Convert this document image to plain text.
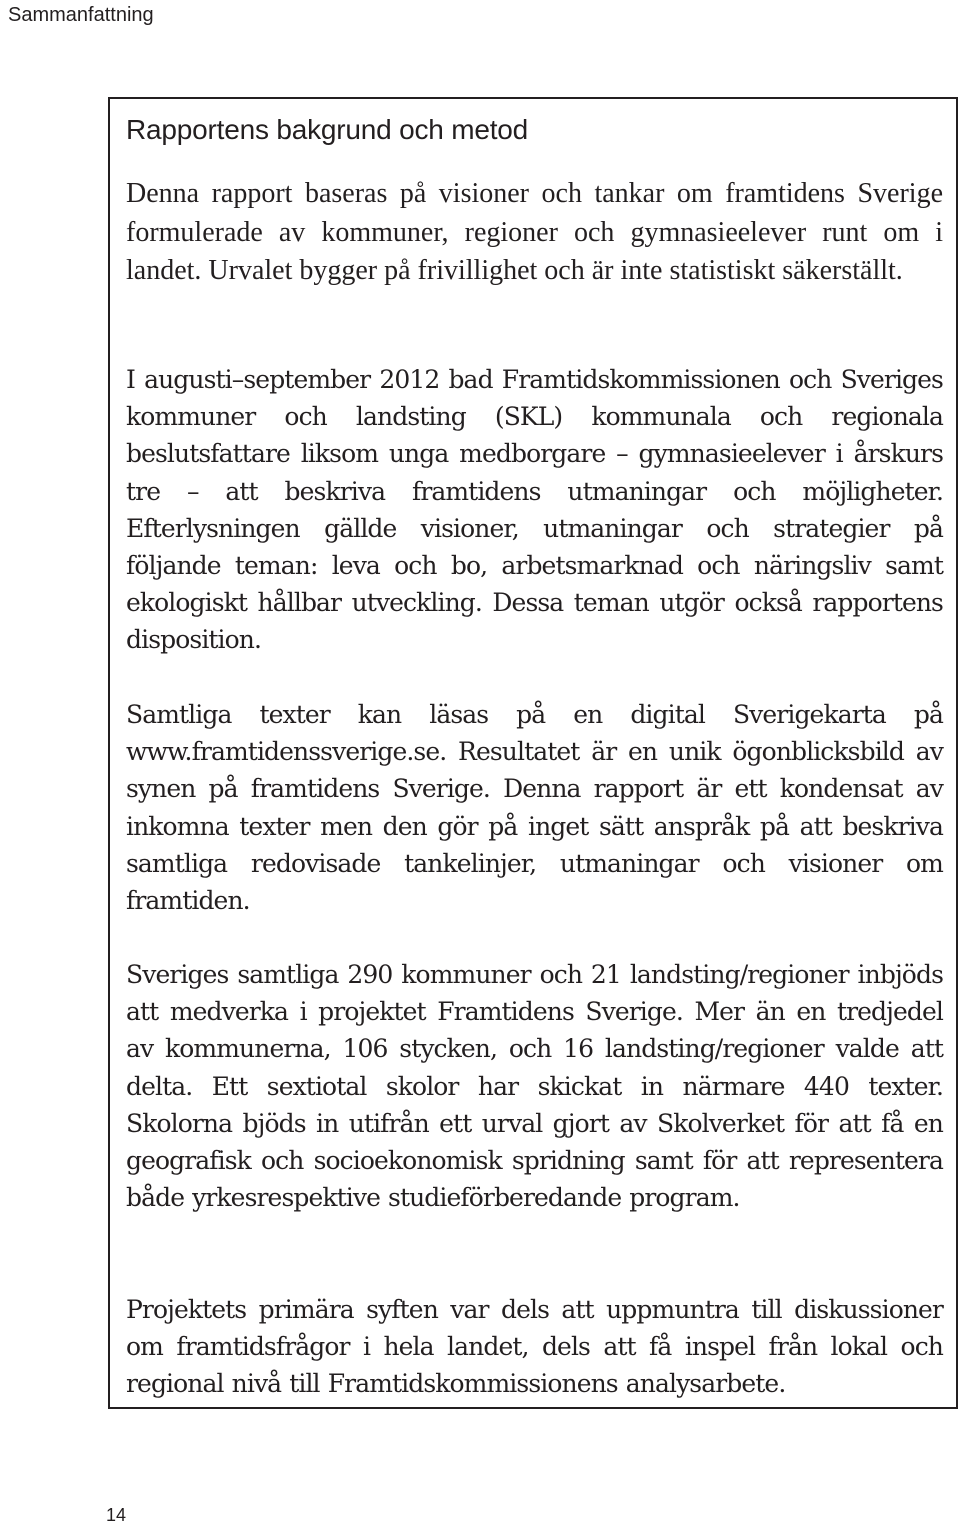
Sammanfattning
Rapportens bakgrund och metod

Denna rapport baseras på visioner och tankar om framtidens Sverige formulerade av kommuner, regioner och gymnasieelever runt om i landet. Urvalet bygger på frivillighet och är inte statistiskt säkerställt.

I augusti–september 2012 bad Framtidskommissionen och Sveriges kommuner och landsting (SKL) kommunala och regionala beslutsfattare liksom unga medborgare – gymnasieelever i årskurs tre – att beskriva framtidens utmaningar och möjligheter. Efterlysningen gällde visioner, utmaningar och strategier på följande teman: leva och bo, arbetsmarknad och näringsliv samt ekologiskt hållbar utveckling. Dessa teman utgör också rapportens disposition.

Samtliga texter kan läsas på en digital Sverigekarta på www.framtidenssverige.se. Resultatet är en unik ögonblicksbild av synen på framtidens Sverige. Denna rapport är ett kondensat av inkomna texter men den gör på inget sätt anspråk på att beskriva samtliga redovisade tankelinjer, utmaningar och visioner om framtiden.

Sveriges samtliga 290 kommuner och 21 landsting/regioner inbjöds att medverka i projektet Framtidens Sverige. Mer än en tredjedel av kommunerna, 106 stycken, och 16 landsting/regioner valde att delta. Ett sextiotal skolor har skickat in närmare 440 texter. Skolorna bjöds in utifrån ett urval gjort av Skolverket för att få en geografisk och socioekonomisk spridning samt för att representera både yrkesrespektive studieförberedande program.

Projektets primära syften var dels att uppmuntra till diskussioner om framtidsfrågor i hela landet, dels att få inspel från lokal och regional nivå till Framtidskommissionens analysarbete.

14
